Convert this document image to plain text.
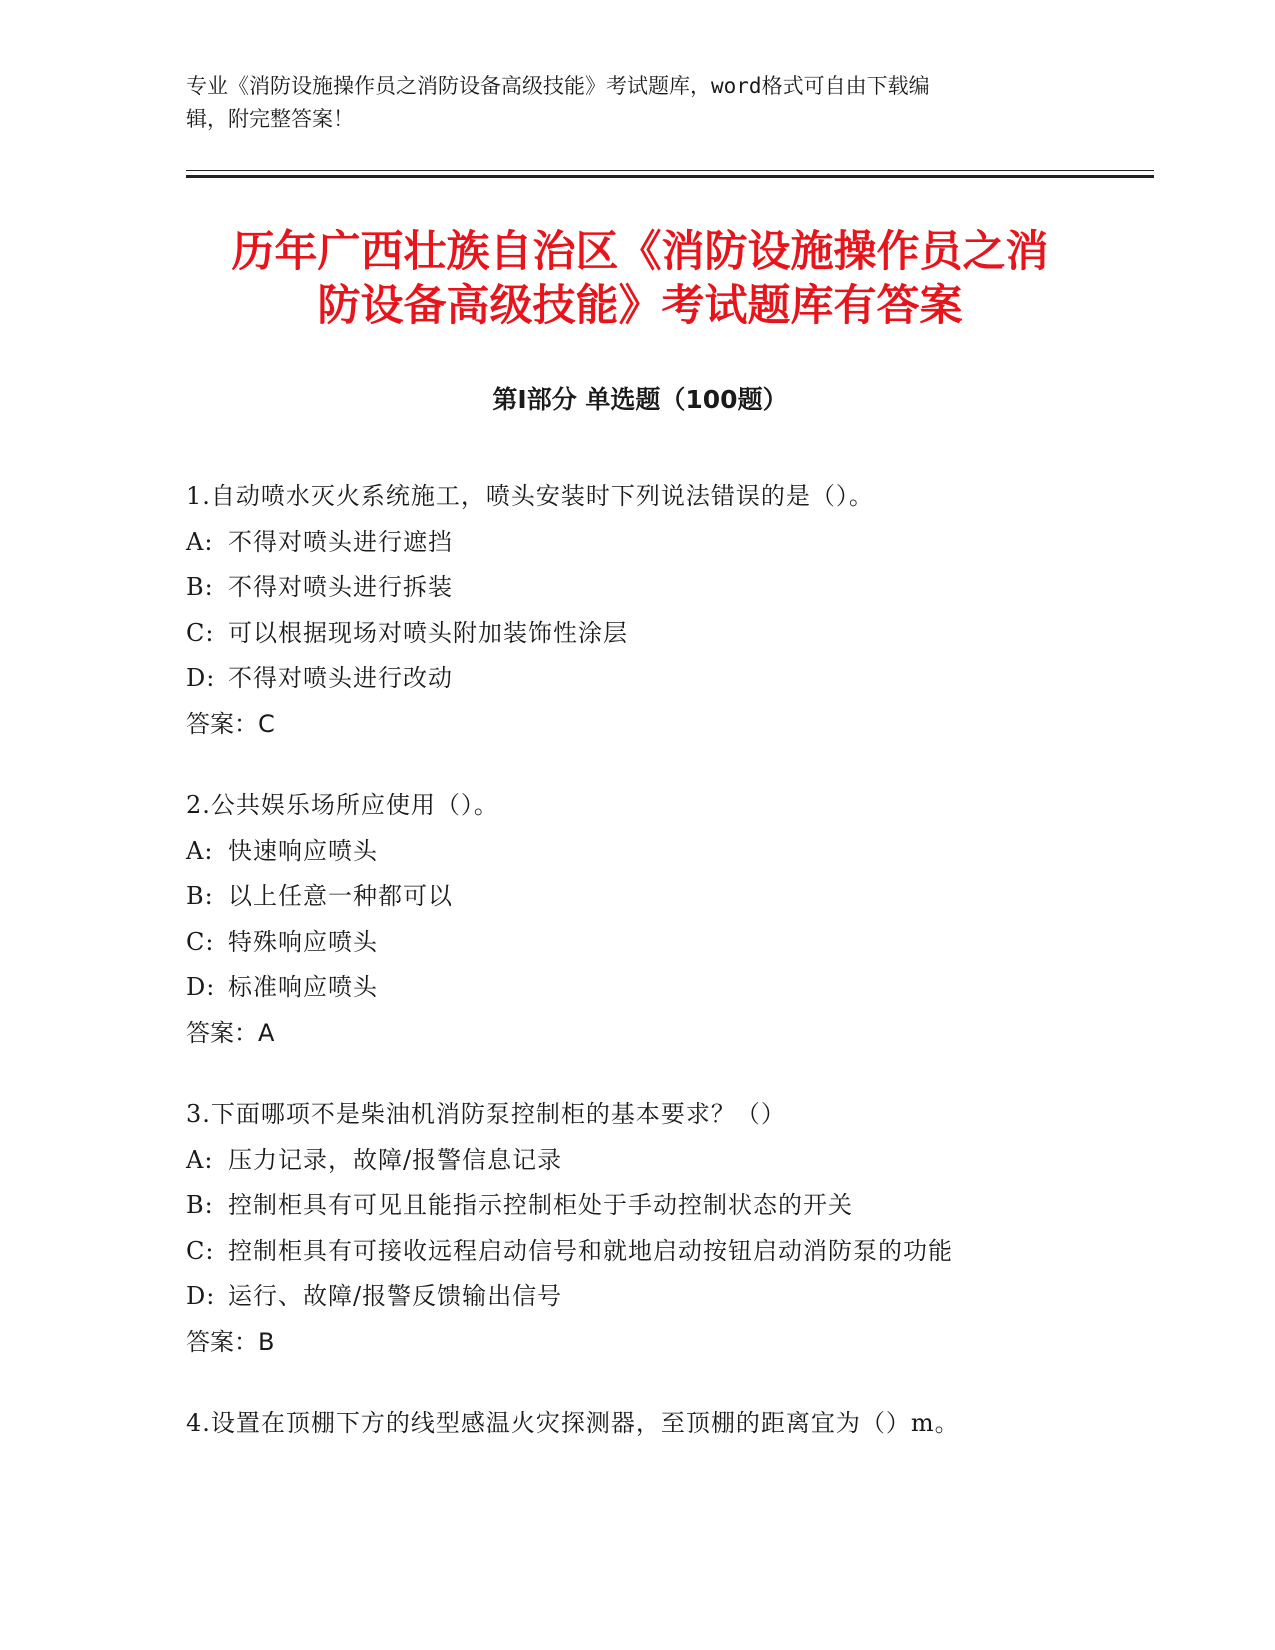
专业《消防设施操作员之消防设备高级技能》考试题库，word格式可自由下载编
辑，附完整答案！
历年广西壮族自治区《消防设施操作员之消
防设备高级技能》考试题库有答案
第Ⅰ部分 单选题（100题）
1.自动喷水灭火系统施工，喷头安装时下列说法错误的是（）。
A: 不得对喷头进行遮挡
B: 不得对喷头进行拆装
C: 可以根据现场对喷头附加装饰性涂层
D: 不得对喷头进行改动
答案：C
2.公共娱乐场所应使用（）。
A: 快速响应喷头
B: 以上任意一种都可以
C: 特殊响应喷头
D: 标准响应喷头
答案：A
3.下面哪项不是柴油机消防泵控制柜的基本要求？（）
A: 压力记录，故障/报警信息记录
B: 控制柜具有可见且能指示控制柜处于手动控制状态的开关
C: 控制柜具有可接收远程启动信号和就地启动按钮启动消防泵的功能
D: 运行、故障/报警反馈输出信号
答案：B
4.设置在顶棚下方的线型感温火灾探测器，至顶棚的距离宜为（）m。
